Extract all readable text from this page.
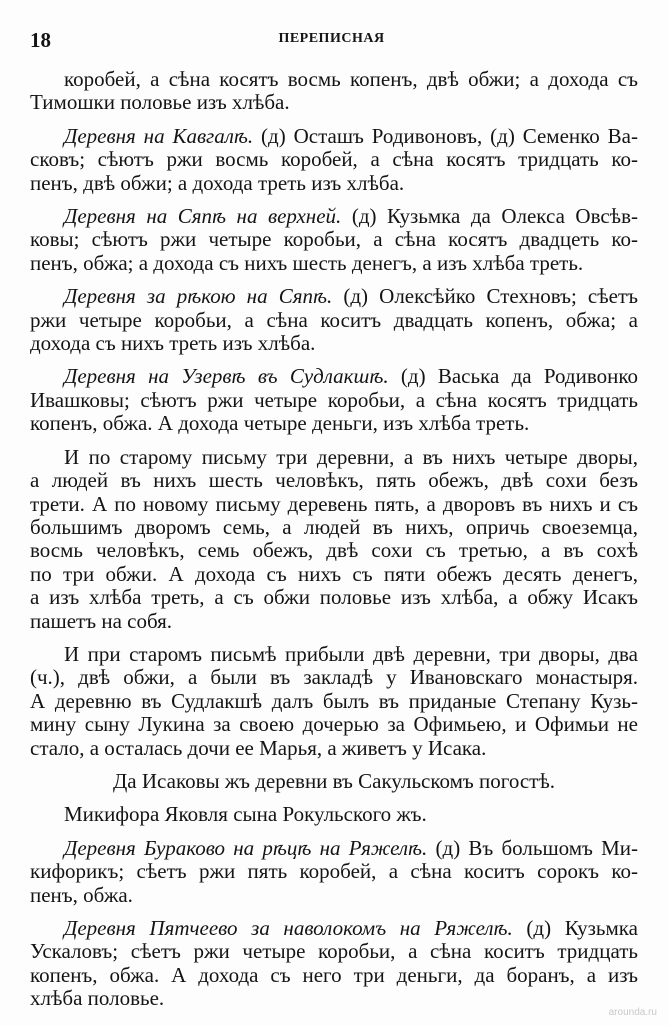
18	ПЕРЕПИСНАЯ
коробей, а сѣна косятъ восмь копенъ, двѣ обжи; а дохода съ
Тимошки половье изъ хлѣба.
Деревня на Кавгалѣ. (д) Осташъ Родивоновъ, (д) Семенко Ва-
сковъ; сѣютъ ржи восмь коробей, а сѣна косятъ тридцать ко-
пенъ, двѣ обжи; а дохода треть изъ хлѣба.
Деревня на Сяпѣ на верхней. (д) Кузьмка да Олекса Овсѣв-
ковы; сѣютъ ржи четыре коробьи, а сѣна косятъ двадцеть ко-
пенъ, обжа; а дохода съ нихъ шесть денегъ, а изъ хлѣба треть.
Деревня за рѣкою на Сяпѣ. (д) Олексѣйко Стехновъ; сѣетъ
ржи четыре коробьи, а сѣна коситъ двадцать копенъ, обжа; а
дохода съ нихъ треть изъ хлѣба.
Деревня на Узервѣ въ Судлакшѣ. (д) Васька да Родивонко
Ивашковы; сѣютъ ржи четыре коробьи, а сѣна косятъ тридцать
копенъ, обжа. А дохода четыре деньги, изъ хлѣба треть.
И по старому письму три деревни, а въ нихъ четыре дворы,
а людей въ нихъ шесть человѣкъ, пять обежъ, двѣ сохи безъ
трети. А по новому письму деревень пять, а дворовъ въ нихъ и съ
большимъ дворомъ семь, а людей въ нихъ, опричь своеземца,
восмь человѣкъ, семь обежъ, двѣ сохи съ третью, а въ сохѣ
по три обжи. А дохода съ нихъ съ пяти обежъ десять денегъ,
а изъ хлѣба треть, а съ обжи половье изъ хлѣба, а обжу Исакъ
пашетъ на собя.
И при старомъ письмѣ прибыли двѣ деревни, три дворы, два
(ч.), двѣ обжи, а были въ закладѣ у Ивановскаго монастыря.
А деревню въ Судлакшѣ далъ былъ въ приданые Степану Кузь-
мину сыну Лукина за своею дочерью за Офимьею, и Офимьи не
стало, а осталась дочи ее Марья, а живетъ у Исака.
Да Исаковы жъ деревни въ Сакульскомъ погостѣ.
Микифора Яковля сына Рокульского жъ.
Деревня Бураково на рѣцѣ на Ряжелѣ. (д) Въ большомъ Ми-
кифорикъ; сѣетъ ржи пять коробей, а сѣна коситъ сорокъ ко-
пенъ, обжа.
Деревня Пятчеево за наволокомъ на Ряжелѣ. (д) Кузьмка
Ускаловъ; сѣетъ ржи четыре коробьи, а сѣна коситъ тридцать
копенъ, обжа. А дохода съ него три деньги, да боранъ, а изъ
хлѣба половье.
arounda.ru
